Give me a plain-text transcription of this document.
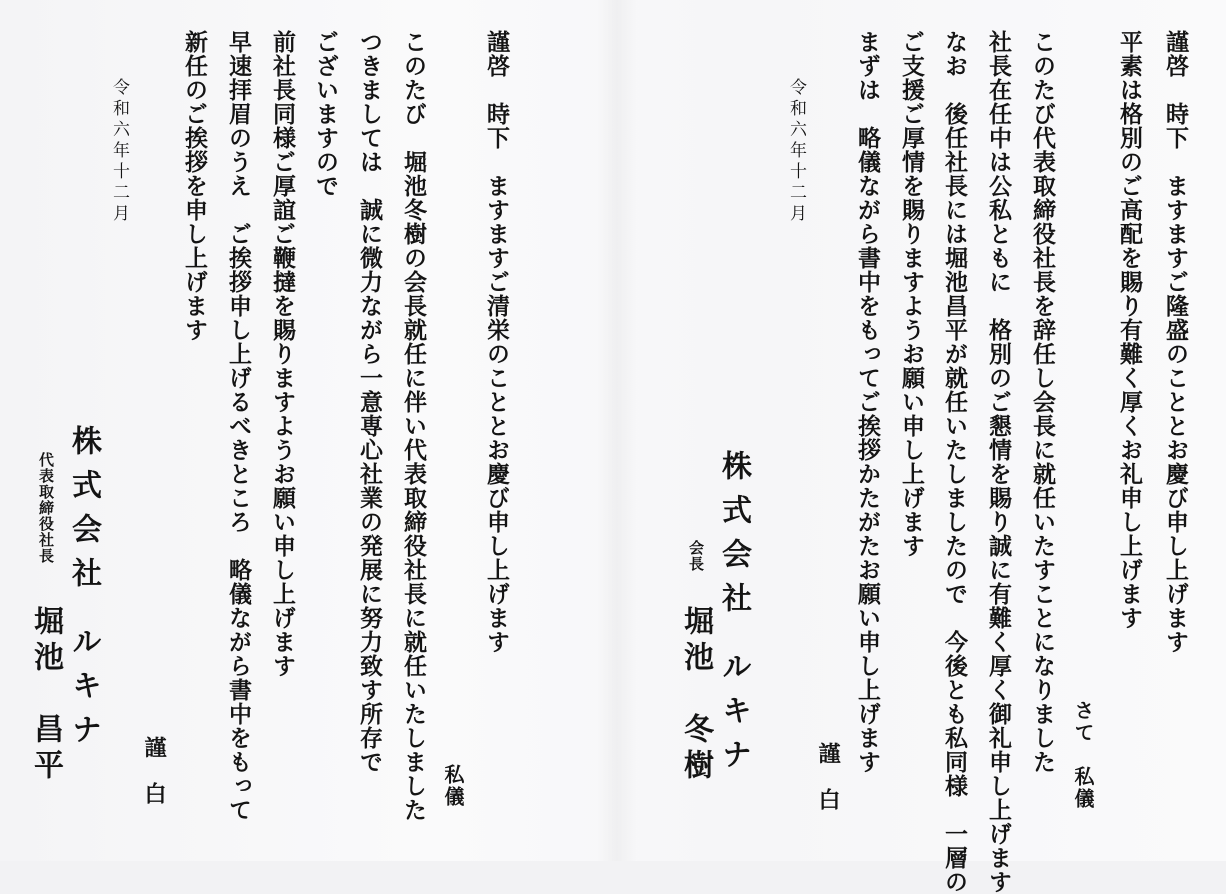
謹啓　時下　ますますご隆盛のこととお慶び申し上げます
平素は格別のご高配を賜り有難く厚くお礼申し上げます
さて　私儀
このたび代表取締役社長を辞任し会長に就任いたすことになりました
社長在任中は公私ともに　格別のご懇情を賜り誠に有難く厚く御礼申し上げます
なお　後任社長には堀池昌平が就任いたしましたので　今後とも私同様　一層の
ご支援ご厚情を賜りますようお願い申し上げます
まずは　略儀ながら書中をもってご挨拶かたがたお願い申し上げます
謹　白
令和六年十二月
株式会社 ルキナ
会長
堀池　冬樹
謹啓　時下　ますますご清栄のこととお慶び申し上げます
私儀
このたび　堀池冬樹の会長就任に伴い代表取締役社長に就任いたしました
つきましては　誠に微力ながら一意専心社業の発展に努力致す所存で
ございますので
前社長同様ご厚誼ご鞭撻を賜りますようお願い申し上げます
早速拝眉のうえ　ご挨拶申し上げるべきところ　略儀ながら書中をもって
新任のご挨拶を申し上げます
謹　白
令和六年十二月
株式会社 ルキナ
代表取締役社長
堀池　昌平
